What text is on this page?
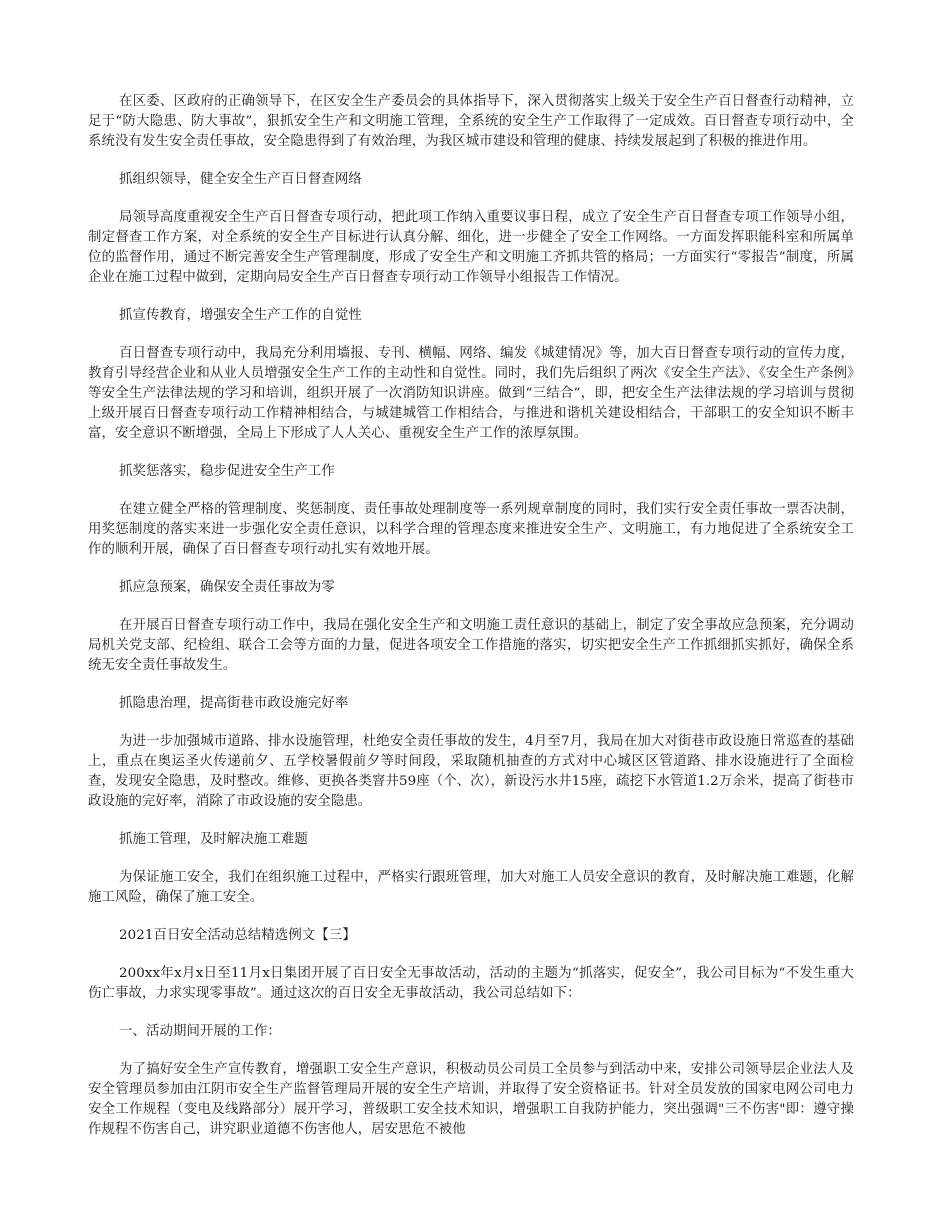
在区委、区政府的正确领导下，在区安全生产委员会的具体指导下，深入贯彻落实上级关于安全生产百日督查行动精神，立足于“防大隐患、防大事故”，狠抓安全生产和文明施工管理，全系统的安全生产工作取得了一定成效。百日督查专项行动中，全系统没有发生安全责任事故，安全隐患得到了有效治理，为我区城市建设和管理的健康、持续发展起到了积极的推进作用。

抓组织领导，健全安全生产百日督查网络

局领导高度重视安全生产百日督查专项行动，把此项工作纳入重要议事日程，成立了安全生产百日督查专项工作领导小组，制定督查工作方案，对全系统的安全生产目标进行认真分解、细化，进一步健全了安全工作网络。一方面发挥职能科室和所属单位的监督作用，通过不断完善安全生产管理制度，形成了安全生产和文明施工齐抓共管的格局；一方面实行“零报告”制度，所属企业在施工过程中做到，定期向局安全生产百日督查专项行动工作领导小组报告工作情况。

抓宣传教育，增强安全生产工作的自觉性

百日督查专项行动中，我局充分利用墙报、专刊、横幅、网络、编发《城建情况》等，加大百日督查专项行动的宣传力度，教育引导经营企业和从业人员增强安全生产工作的主动性和自觉性。同时，我们先后组织了两次《安全生产法》、《安全生产条例》等安全生产法律法规的学习和培训，组织开展了一次消防知识讲座。做到“三结合”，即，把安全生产法律法规的学习培训与贯彻上级开展百日督查专项行动工作精神相结合，与城建城管工作相结合，与推进和谐机关建设相结合，干部职工的安全知识不断丰富，安全意识不断增强，全局上下形成了人人关心、重视安全生产工作的浓厚氛围。

抓奖惩落实，稳步促进安全生产工作

在建立健全严格的管理制度、奖惩制度、责任事故处理制度等一系列规章制度的同时，我们实行安全责任事故一票否决制，用奖惩制度的落实来进一步强化安全责任意识，以科学合理的管理态度来推进安全生产、文明施工，有力地促进了全系统安全工作的顺利开展，确保了百日督查专项行动扎实有效地开展。

抓应急预案，确保安全责任事故为零

在开展百日督查专项行动工作中，我局在强化安全生产和文明施工责任意识的基础上，制定了安全事故应急预案，充分调动局机关党支部、纪检组、联合工会等方面的力量，促进各项安全工作措施的落实，切实把安全生产工作抓细抓实抓好，确保全系统无安全责任事故发生。

抓隐患治理，提高街巷市政设施完好率

为进一步加强城市道路、排水设施管理，杜绝安全责任事故的发生，4月至7月，我局在加大对街巷市政设施日常巡查的基础上，重点在奥运圣火传递前夕、五学校暑假前夕等时间段，采取随机抽查的方式对中心城区区管道路、排水设施进行了全面检查，发现安全隐患，及时整改。维修、更换各类窨井59座（个、次），新设污水井15座，疏挖下水管道1.2万余米，提高了街巷市政设施的完好率，消除了市政设施的安全隐患。

抓施工管理，及时解决施工难题

为保证施工安全，我们在组织施工过程中，严格实行跟班管理，加大对施工人员安全意识的教育，及时解决施工难题，化解施工风险，确保了施工安全。

2021百日安全活动总结精选例文【三】

200xx年x月x日至11月x日集团开展了百日安全无事故活动，活动的主题为“抓落实，促安全”，我公司目标为“不发生重大伤亡事故，力求实现零事故”。通过这次的百日安全无事故活动，我公司总结如下：

一、活动期间开展的工作：

为了搞好安全生产宣传教育，增强职工安全生产意识，积极动员公司员工全员参与到活动中来，安排公司领导层企业法人及安全管理员参加由江阴市安全生产监督管理局开展的安全生产培训，并取得了安全资格证书。针对全员发放的国家电网公司电力安全工作规程（变电及线路部分）展开学习，普级职工安全技术知识，增强职工自我防护能力，突出强调"三不伤害"即：遵守操作规程不伤害自己，讲究职业道德不伤害他人，居安思危不被他
